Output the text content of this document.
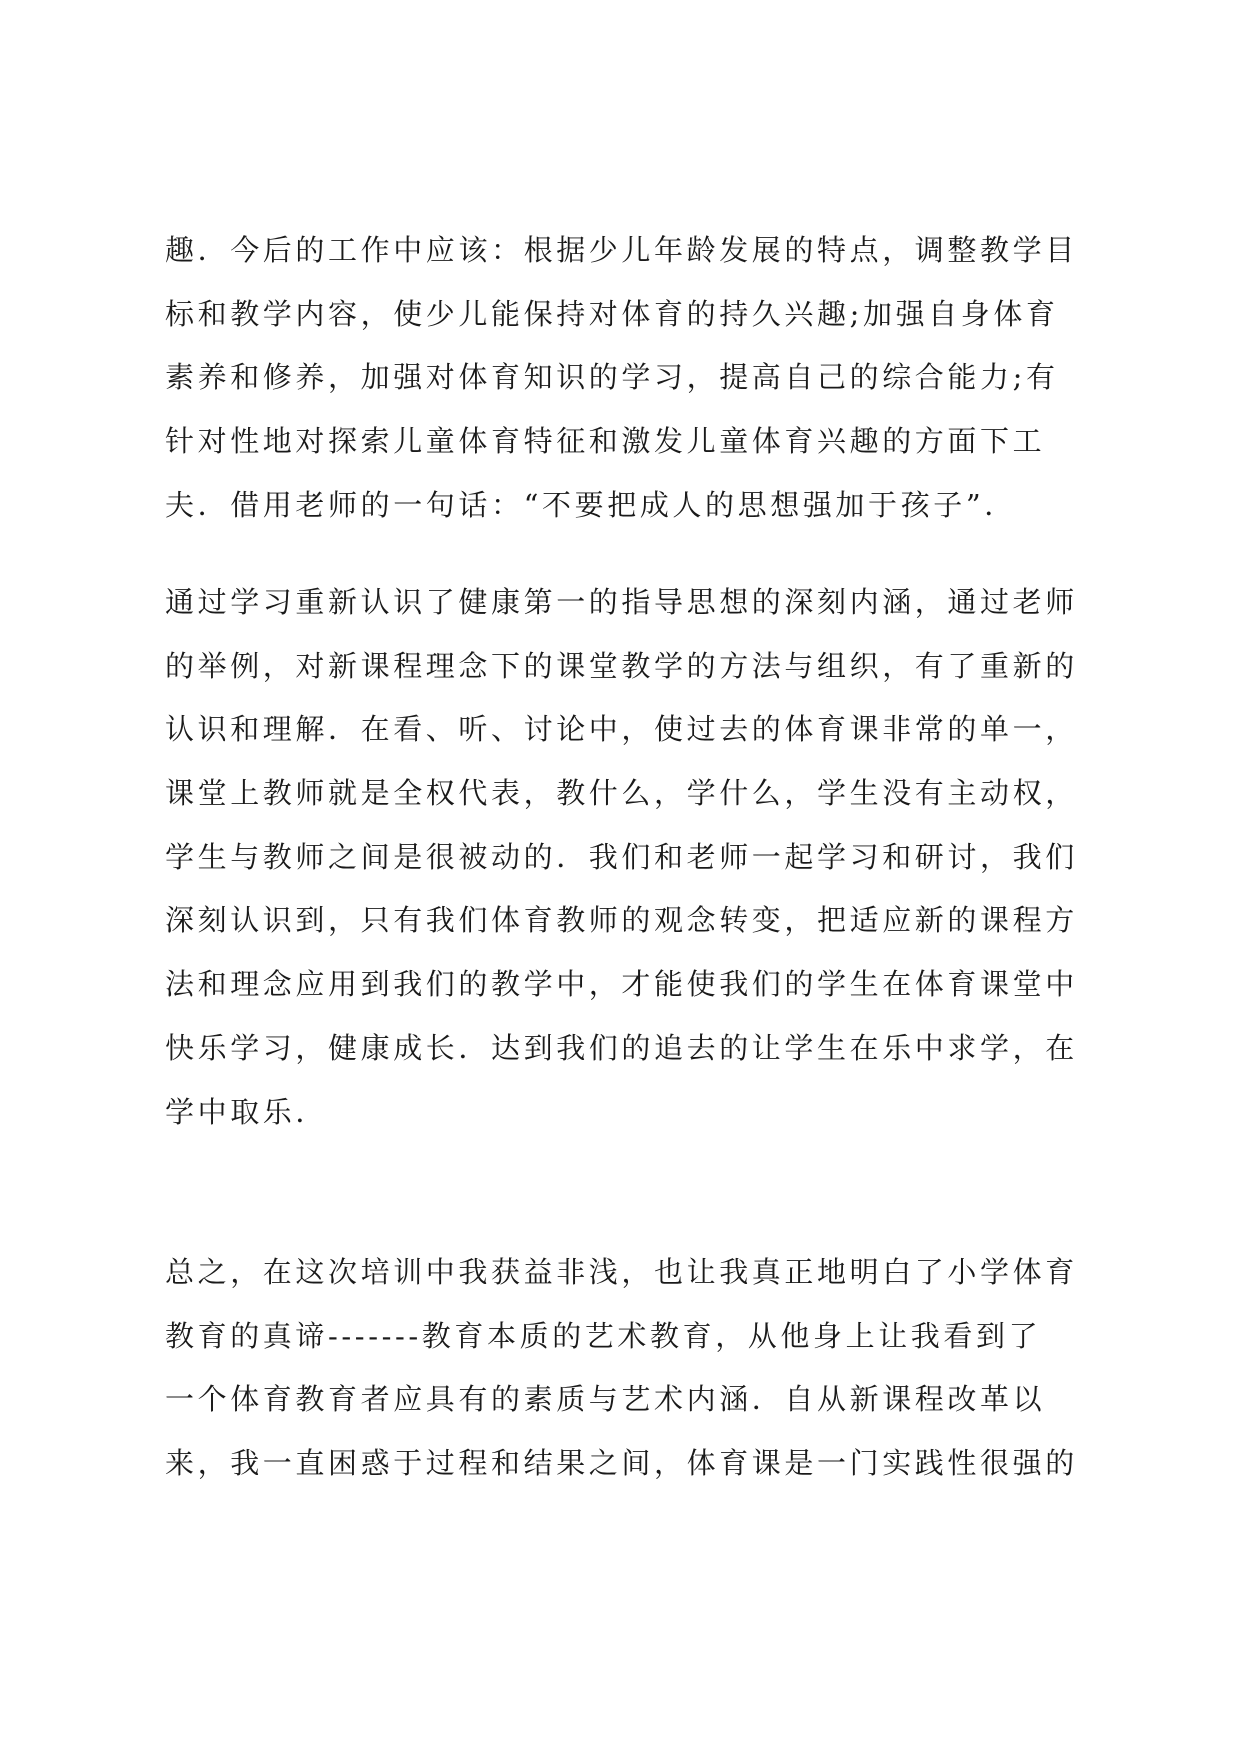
趣．今后的工作中应该：根据少儿年龄发展的特点，调整教学目
标和教学内容，使少儿能保持对体育的持久兴趣;加强自身体育
素养和修养，加强对体育知识的学习，提高自己的综合能力;有
针对性地对探索儿童体育特征和激发儿童体育兴趣的方面下工
夫．借用老师的一句话：“不要把成人的思想强加于孩子”．
通过学习重新认识了健康第一的指导思想的深刻内涵，通过老师
的举例，对新课程理念下的课堂教学的方法与组织，有了重新的
认识和理解．在看、听、讨论中，使过去的体育课非常的单一，
课堂上教师就是全权代表，教什么，学什么，学生没有主动权，
学生与教师之间是很被动的．我们和老师一起学习和研讨，我们
深刻认识到，只有我们体育教师的观念转变，把适应新的课程方
法和理念应用到我们的教学中，才能使我们的学生在体育课堂中
快乐学习，健康成长．达到我们的追去的让学生在乐中求学，在
学中取乐．
总之，在这次培训中我获益非浅，也让我真正地明白了小学体育
教育的真谛-------教育本质的艺术教育，从他身上让我看到了
一个体育教育者应具有的素质与艺术内涵．自从新课程改革以
来，我一直困惑于过程和结果之间，体育课是一门实践性很强的
